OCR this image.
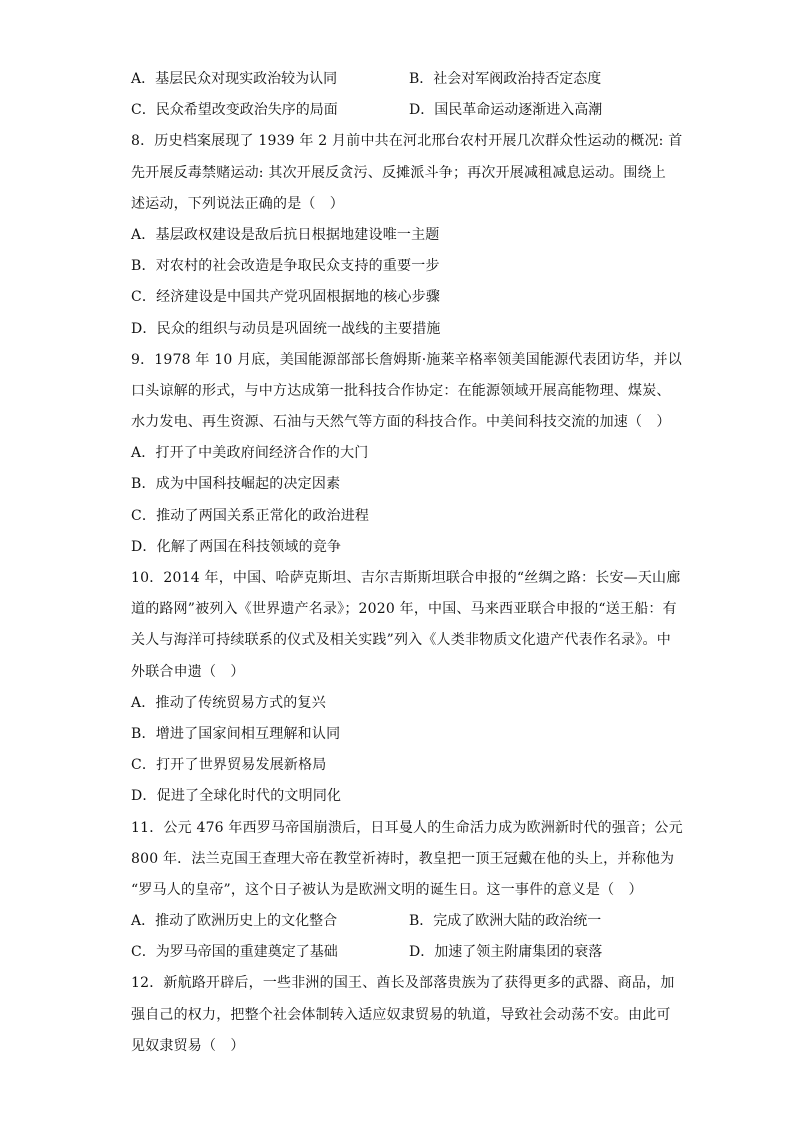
A．基层民众对现实政治较为认同	B．社会对军阀政治持否定态度
C．民众希望改变政治失序的局面	D．国民革命运动逐渐进入高潮
8．历史档案展现了 1939 年 2 月前中共在河北邢台农村开展几次群众性运动的概况: 首
先开展反毒禁赌运动: 其次开展反贪污、反摊派斗争；再次开展减租减息运动。围绕上
述运动，下列说法正确的是（　）
A．基层政权建设是敌后抗日根据地建设唯一主题
B．对农村的社会改造是争取民众支持的重要一步
C．经济建设是中国共产党巩固根据地的核心步骤
D．民众的组织与动员是巩固统一战线的主要措施
9．1978 年 10 月底，美国能源部部长詹姆斯·施莱辛格率领美国能源代表团访华，并以
口头谅解的形式，与中方达成第一批科技合作协定：在能源领域开展高能物理、煤炭、
水力发电、再生资源、石油与天然气等方面的科技合作。中美间科技交流的加速（　）
A．打开了中美政府间经济合作的大门
B．成为中国科技崛起的决定因素
C．推动了两国关系正常化的政治进程
D．化解了两国在科技领域的竞争
10．2014 年，中国、哈萨克斯坦、吉尔吉斯斯坦联合申报的“丝绸之路：长安—天山廊
道的路网”被列入《世界遗产名录》；2020 年，中国、马来西亚联合申报的“送王船：有
关人与海洋可持续联系的仪式及相关实践”列入《人类非物质文化遗产代表作名录》。中
外联合申遗（　）
A．推动了传统贸易方式的复兴
B．增进了国家间相互理解和认同
C．打开了世界贸易发展新格局
D．促进了全球化时代的文明同化
11．公元 476 年西罗马帝国崩溃后，日耳曼人的生命活力成为欧洲新时代的强音；公元
800 年．法兰克国王查理大帝在教堂祈祷时，教皇把一顶王冠戴在他的头上，并称他为
“罗马人的皇帝”，这个日子被认为是欧洲文明的诞生日。这一事件的意义是（　）
A．推动了欧洲历史上的文化整合	B．完成了欧洲大陆的政治统一
C．为罗马帝国的重建奠定了基础	D．加速了领主附庸集团的衰落
12．新航路开辟后，一些非洲的国王、酋长及部落贵族为了获得更多的武器、商品，加
强自己的权力，把整个社会体制转入适应奴隶贸易的轨道，导致社会动荡不安。由此可
见奴隶贸易（　）
